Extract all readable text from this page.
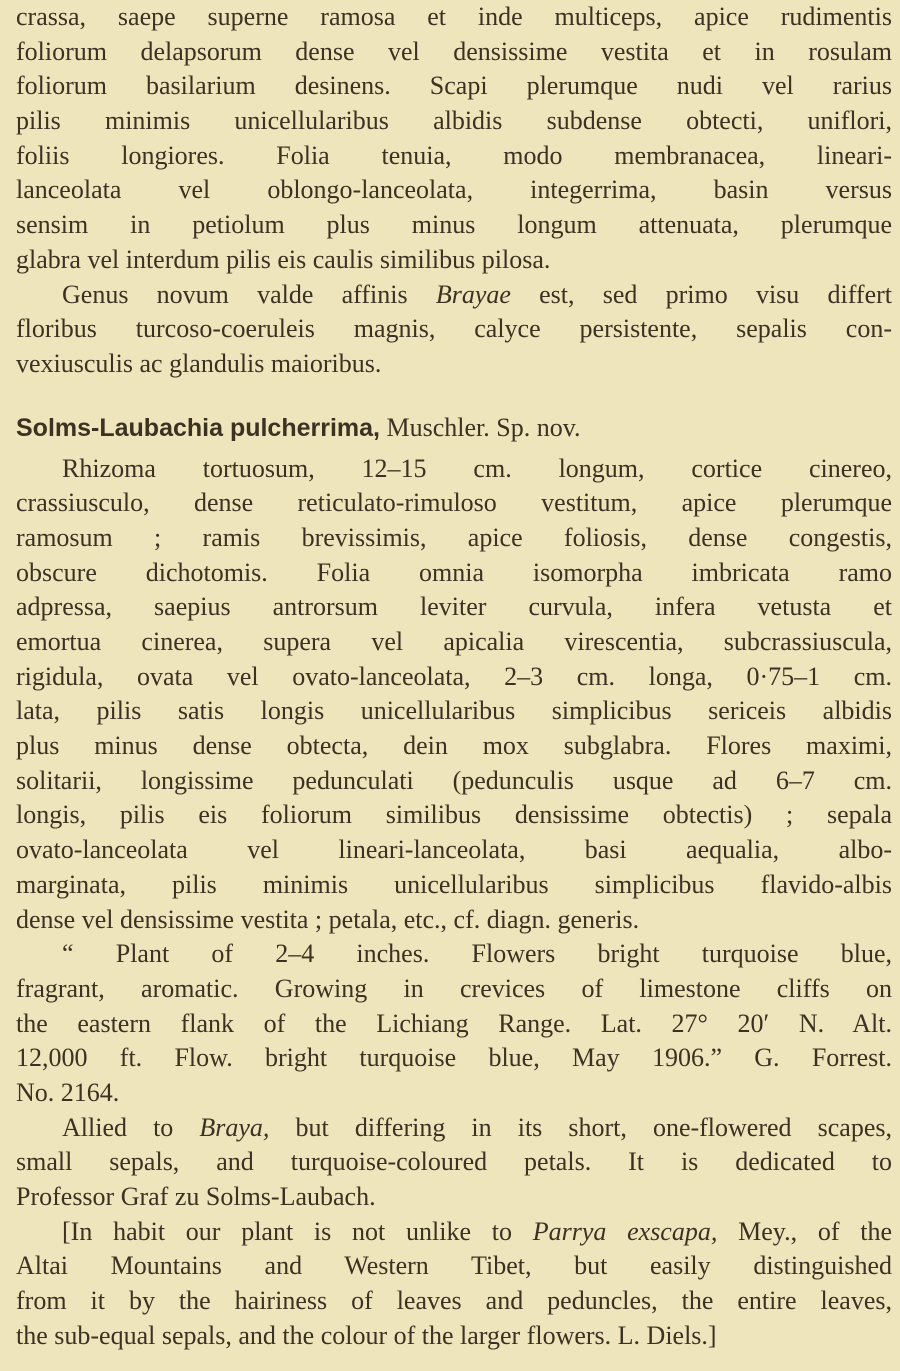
crassa, saepe superne ramosa et inde multiceps, apice rudimentis
foliorum delapsorum dense vel densissime vestita et in rosulam
foliorum basilarium desinens. Scapi plerumque nudi vel rarius
pilis minimis unicellularibus albidis subdense obtecti, uniflori,
foliis longiores. Folia tenuia, modo membranacea, lineari-
lanceolata vel oblongo-lanceolata, integerrima, basin versus
sensim in petiolum plus minus longum attenuata, plerumque
glabra vel interdum pilis eis caulis similibus pilosa.
Genus novum valde affinis Brayae est, sed primo visu differt
floribus turcoso-coeruleis magnis, calyce persistente, sepalis con-
vexiusculis ac glandulis maioribus.
Solms-Laubachia pulcherrima, Muschler. Sp. nov.
Rhizoma tortuosum, 12–15 cm. longum, cortice cinereo,
crassiusculo, dense reticulato-rimuloso vestitum, apice plerumque
ramosum ; ramis brevissimis, apice foliosis, dense congestis,
obscure dichotomis. Folia omnia isomorpha imbricata ramo
adpressa, saepius antrorsum leviter curvula, infera vetusta et
emortua cinerea, supera vel apicalia virescentia, subcrassiuscula,
rigidula, ovata vel ovato-lanceolata, 2–3 cm. longa, 0·75–1 cm.
lata, pilis satis longis unicellularibus simplicibus sericeis albidis
plus minus dense obtecta, dein mox subglabra. Flores maximi,
solitarii, longissime pedunculati (pedunculis usque ad 6–7 cm.
longis, pilis eis foliorum similibus densissime obtectis) ; sepala
ovato-lanceolata vel lineari-lanceolata, basi aequalia, albo-
marginata, pilis minimis unicellularibus simplicibus flavido-albis
dense vel densissime vestita ; petala, etc., cf. diagn. generis.
“ Plant of 2–4 inches. Flowers bright turquoise blue,
fragrant, aromatic. Growing in crevices of limestone cliffs on
the eastern flank of the Lichiang Range. Lat. 27° 20′ N. Alt.
12,000 ft. Flow. bright turquoise blue, May 1906.” G. Forrest.
No. 2164.
Allied to Braya, but differing in its short, one-flowered scapes,
small sepals, and turquoise-coloured petals. It is dedicated to
Professor Graf zu Solms-Laubach.
[In habit our plant is not unlike to Parrya exscapa, Mey., of the
Altai Mountains and Western Tibet, but easily distinguished
from it by the hairiness of leaves and peduncles, the entire leaves,
the sub-equal sepals, and the colour of the larger flowers. L. Diels.]
